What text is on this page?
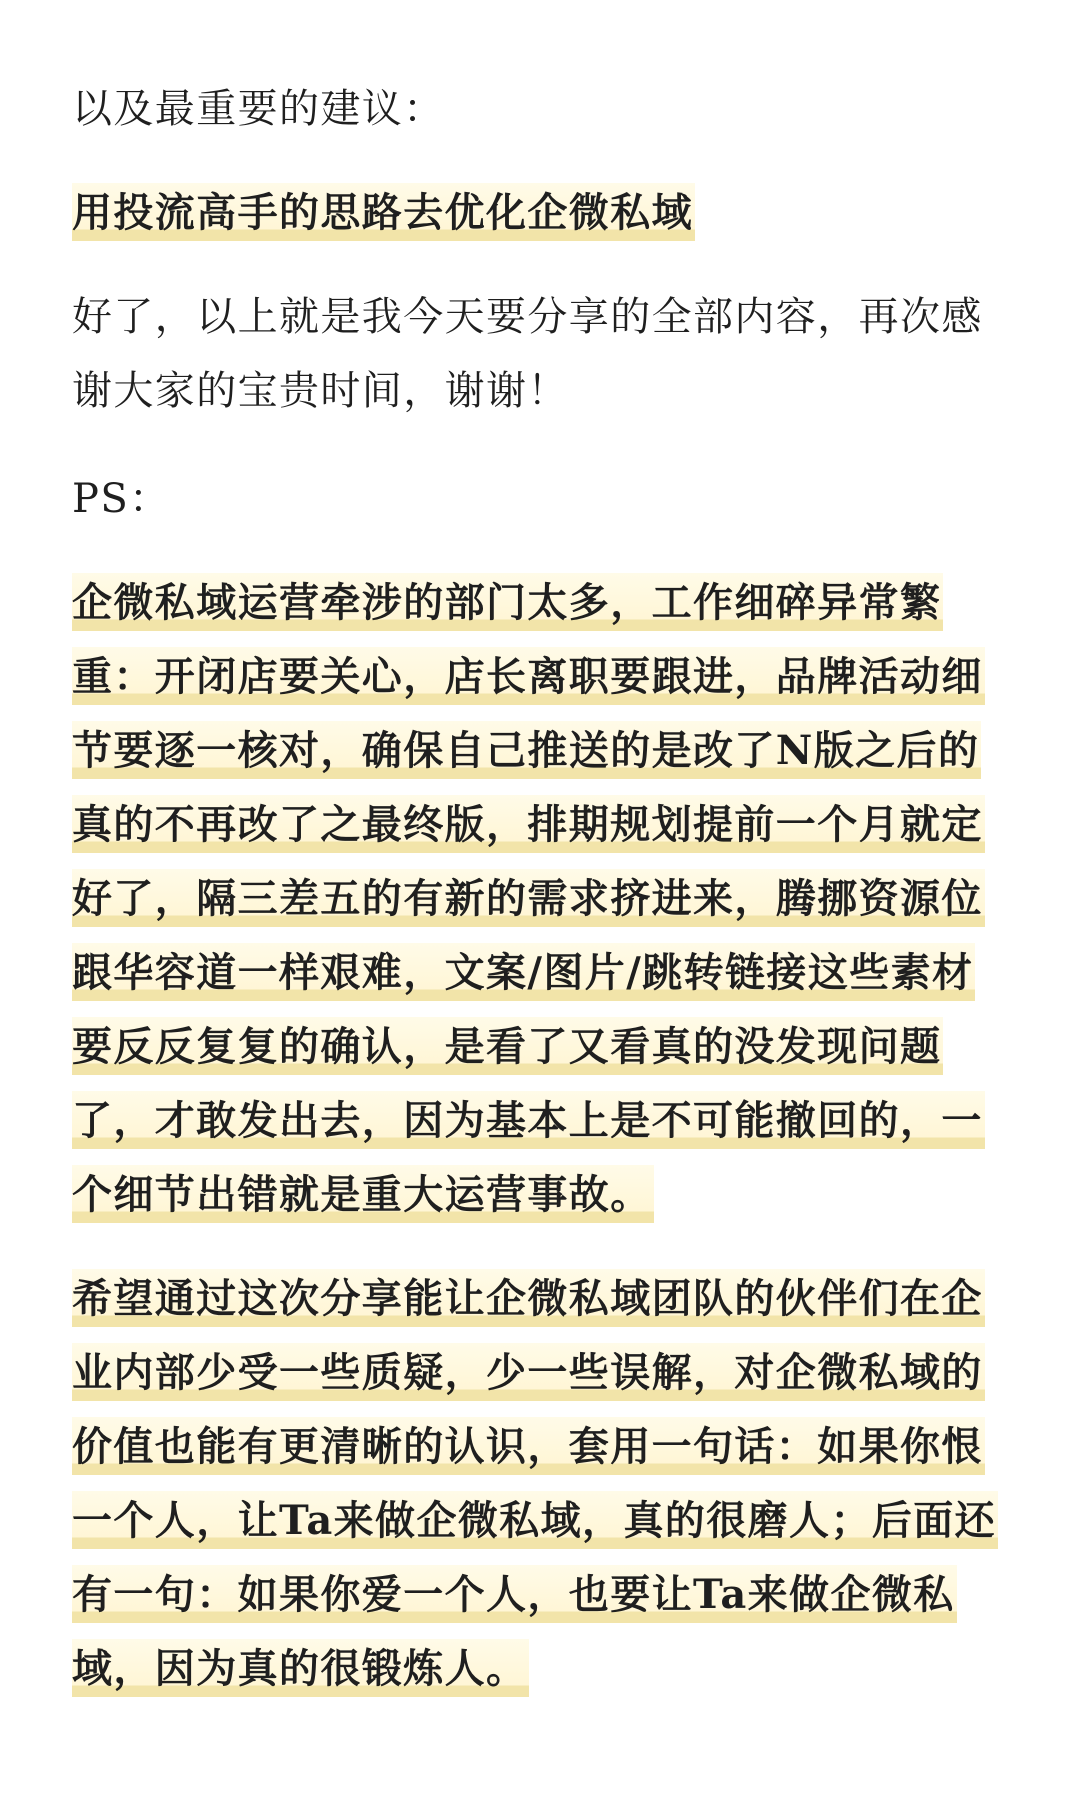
以及最重要的建议：

用投流高手的思路去优化企微私域

好了，以上就是我今天要分享的全部内容，再次感
谢大家的宝贵时间，谢谢！

PS：

企微私域运营牵涉的部门太多，工作细碎异常繁
重：开闭店要关心，店长离职要跟进，品牌活动细
节要逐一核对，确保自己推送的是改了N版之后的
真的不再改了之最终版，排期规划提前一个月就定
好了，隔三差五的有新的需求挤进来，腾挪资源位
跟华容道一样艰难，文案/图片/跳转链接这些素材
要反反复复的确认，是看了又看真的没发现问题
了，才敢发出去，因为基本上是不可能撤回的，一
个细节出错就是重大运营事故。

希望通过这次分享能让企微私域团队的伙伴们在企
业内部少受一些质疑，少一些误解，对企微私域的
价值也能有更清晰的认识，套用一句话：如果你恨
一个人，让Ta来做企微私域，真的很磨人；后面还
有一句：如果你爱一个人，也要让Ta来做企微私
域，因为真的很锻炼人。
